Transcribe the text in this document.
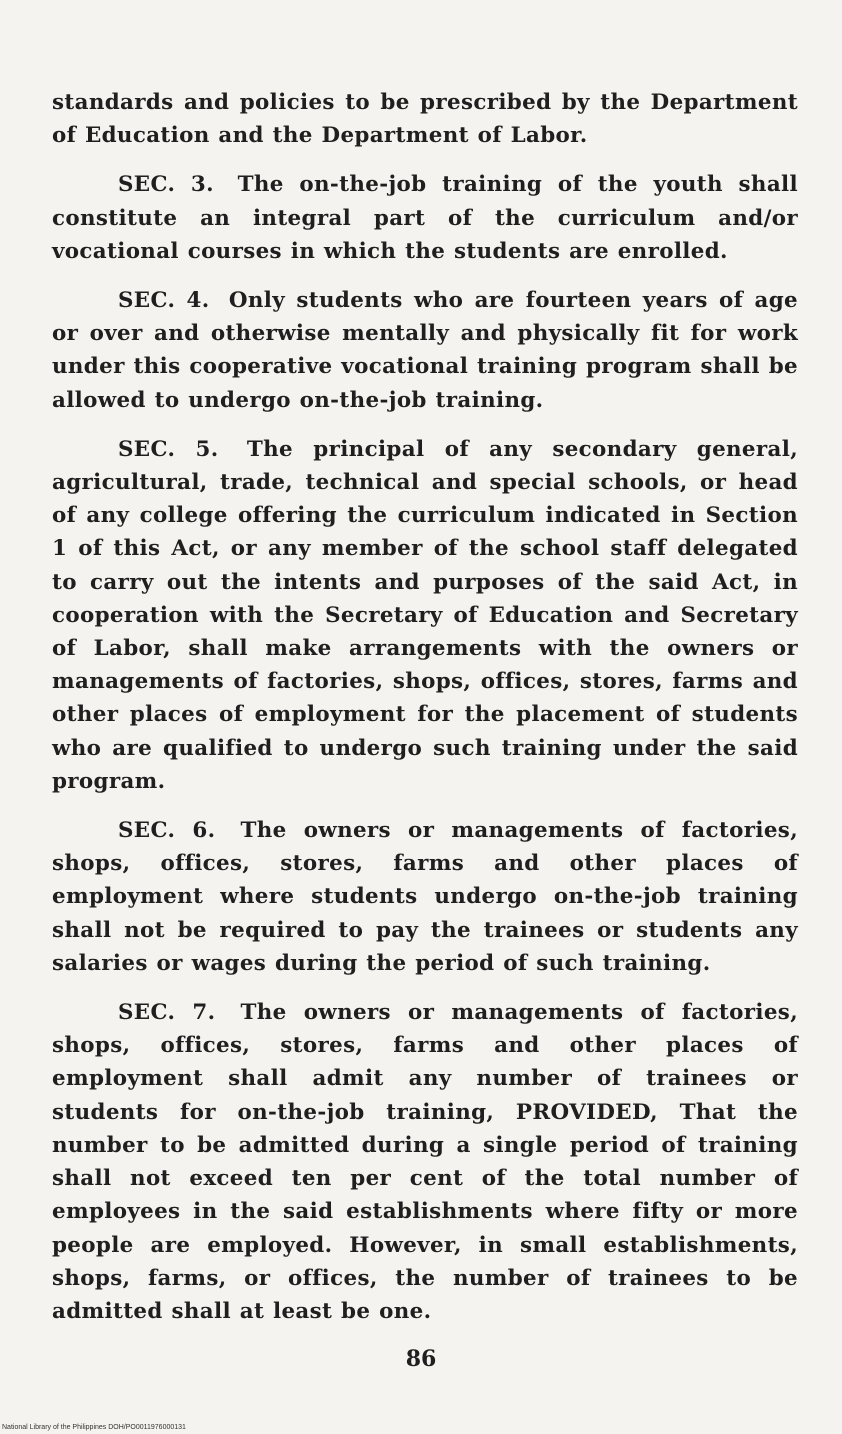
standards and policies to be prescribed by the Department of Education and the Department of Labor.

SEC. 3. The on-the-job training of the youth shall constitute an integral part of the curriculum and/or vocational courses in which the students are enrolled.

SEC. 4. Only students who are fourteen years of age or over and otherwise mentally and physically fit for work under this cooperative vocational training program shall be allowed to undergo on-the-job training.

SEC. 5. The principal of any secondary general, agricultural, trade, technical and special schools, or head of any college offering the curriculum indicated in Section 1 of this Act, or any member of the school staff delegated to carry out the intents and purposes of the said Act, in cooperation with the Secretary of Education and Secretary of Labor, shall make arrangements with the owners or managements of factories, shops, offices, stores, farms and other places of employment for the placement of students who are qualified to undergo such training under the said program.

SEC. 6. The owners or managements of factories, shops, offices, stores, farms and other places of employment where students undergo on-the-job training shall not be required to pay the trainees or students any salaries or wages during the period of such training.

SEC. 7. The owners or managements of factories, shops, offices, stores, farms and other places of employment shall admit any number of trainees or students for on-the-job training, PROVIDED, That the number to be admitted during a single period of training shall not exceed ten per cent of the total number of employees in the said establishments where fifty or more people are employed. However, in small establishments, shops, farms, or offices, the number of trainees to be admitted shall at least be one.

86
National Library of the Philippines DOH/PO0011976000131
